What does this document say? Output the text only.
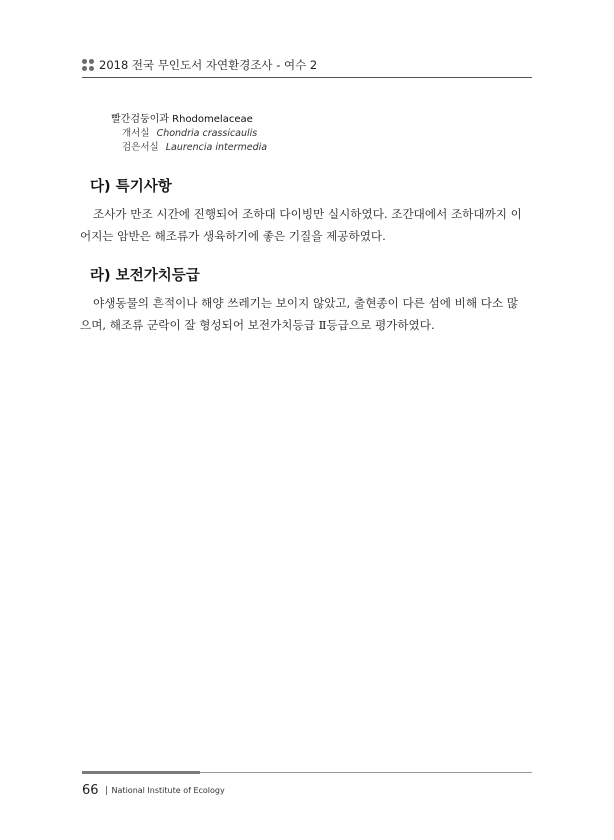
2018 전국 무인도서 자연환경조사 - 여수 2
빨간검둥이과 Rhodomelaceae
개서실 Chondria crassicaulis
검은서실 Laurencia intermedia
다) 특기사항

조사가 만조 시간에 진행되어 조하대 다이빙만 실시하였다. 조간대에서 조하대까지 이
어지는 암반은 해조류가 생육하기에 좋은 기질을 제공하였다.

라) 보전가치등급

야생동물의 흔적이나 해양 쓰레기는 보이지 않았고, 출현종이 다른 섬에 비해 다소 많
으며, 해조류 군락이 잘 형성되어 보전가치등급 Ⅱ등급으로 평가하였다.

66 National Institute of Ecology
